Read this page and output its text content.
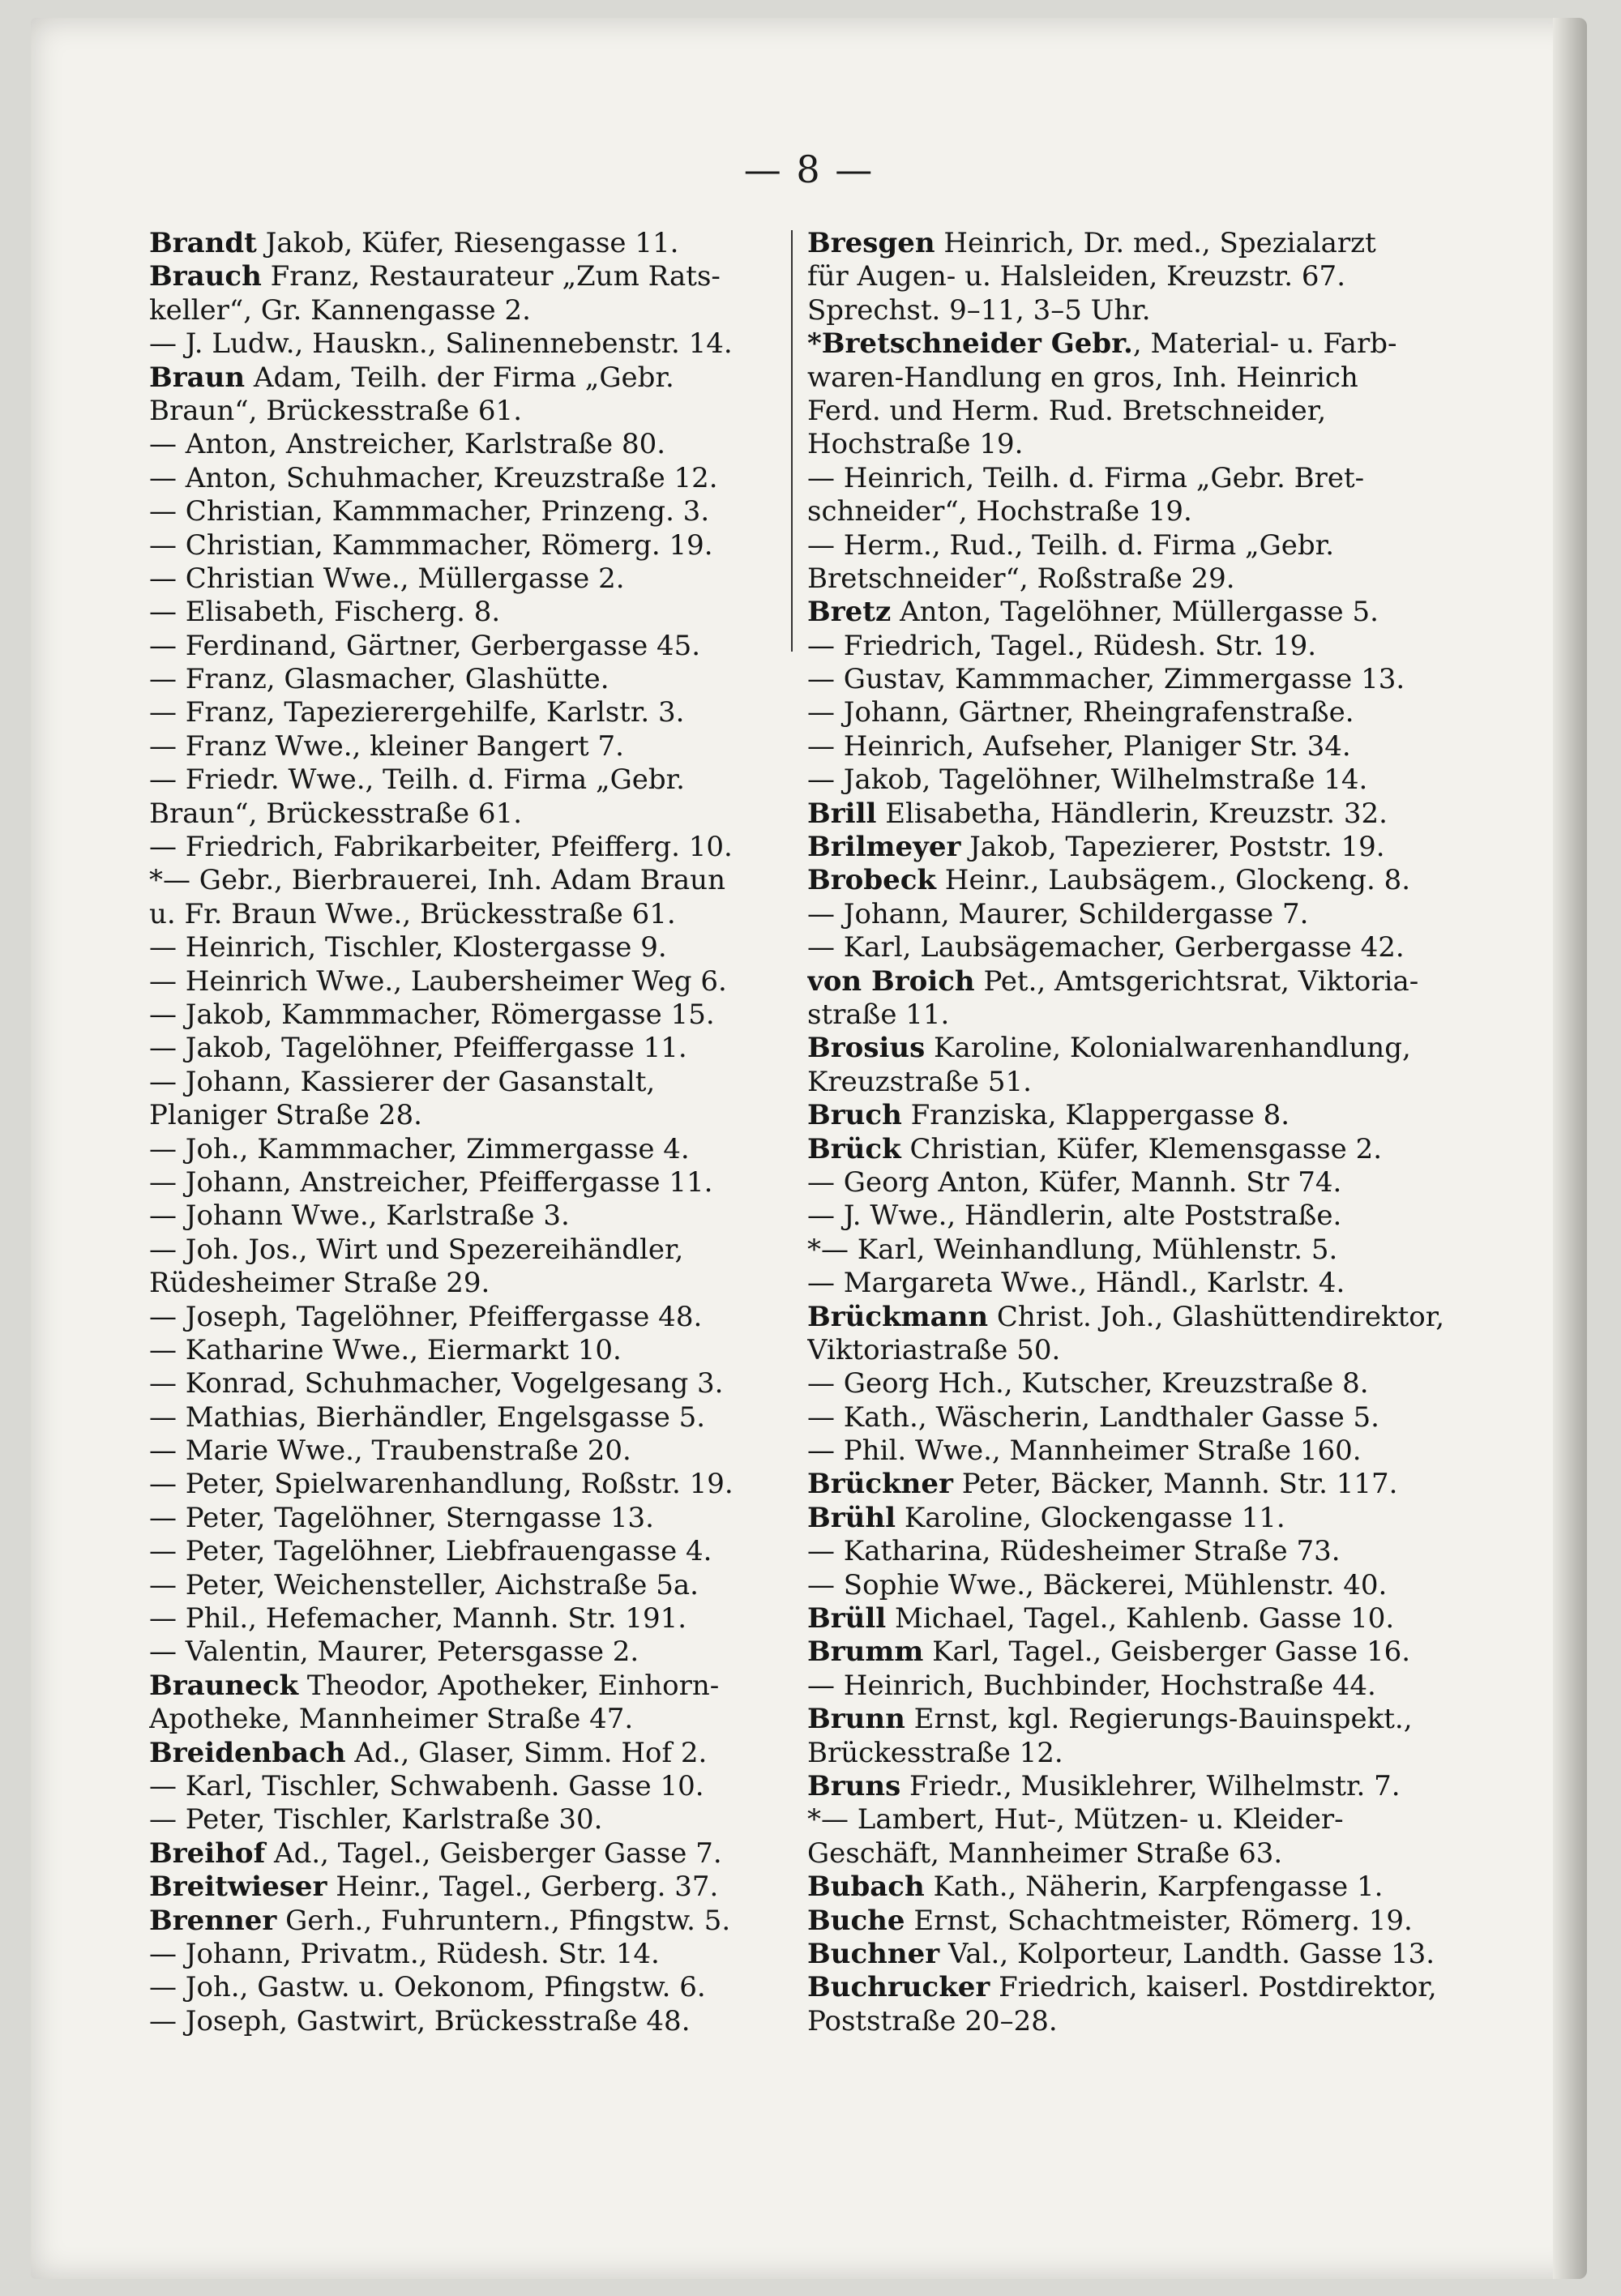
— 8 —
Brandt Jakob, Küfer, Riesengasse 11.
Brauch Franz, Restaurateur „Zum Rats-
keller“, Gr. Kannengasse 2.
— J. Ludw., Hauskn., Salinennebenstr. 14.
Braun Adam, Teilh. der Firma „Gebr.
Braun“, Brückesstraße 61.
— Anton, Anstreicher, Karlstraße 80.
— Anton, Schuhmacher, Kreuzstraße 12.
— Christian, Kammmacher, Prinzeng. 3.
— Christian, Kammmacher, Römerg. 19.
— Christian Wwe., Müllergasse 2.
— Elisabeth, Fischerg. 8.
— Ferdinand, Gärtner, Gerbergasse 45.
— Franz, Glasmacher, Glashütte.
— Franz, Tapezierergehilfe, Karlstr. 3.
— Franz Wwe., kleiner Bangert 7.
— Friedr. Wwe., Teilh. d. Firma „Gebr.
Braun“, Brückesstraße 61.
— Friedrich, Fabrikarbeiter, Pfeifferg. 10.
*— Gebr., Bierbrauerei, Inh. Adam Braun
u. Fr. Braun Wwe., Brückesstraße 61.
— Heinrich, Tischler, Klostergasse 9.
— Heinrich Wwe., Laubersheimer Weg 6.
— Jakob, Kammmacher, Römergasse 15.
— Jakob, Tagelöhner, Pfeiffergasse 11.
— Johann, Kassierer der Gasanstalt,
Planiger Straße 28.
— Joh., Kammmacher, Zimmergasse 4.
— Johann, Anstreicher, Pfeiffergasse 11.
— Johann Wwe., Karlstraße 3.
— Joh. Jos., Wirt und Spezereihändler,
Rüdesheimer Straße 29.
— Joseph, Tagelöhner, Pfeiffergasse 48.
— Katharine Wwe., Eiermarkt 10.
— Konrad, Schuhmacher, Vogelgesang 3.
— Mathias, Bierhändler, Engelsgasse 5.
— Marie Wwe., Traubenstraße 20.
— Peter, Spielwarenhandlung, Roßstr. 19.
— Peter, Tagelöhner, Sterngasse 13.
— Peter, Tagelöhner, Liebfrauengasse 4.
— Peter, Weichensteller, Aichstraße 5a.
— Phil., Hefemacher, Mannh. Str. 191.
— Valentin, Maurer, Petersgasse 2.
Brauneck Theodor, Apotheker, Einhorn-
Apotheke, Mannheimer Straße 47.
Breidenbach Ad., Glaser, Simm. Hof 2.
— Karl, Tischler, Schwabenh. Gasse 10.
— Peter, Tischler, Karlstraße 30.
Breihof Ad., Tagel., Geisberger Gasse 7.
Breitwieser Heinr., Tagel., Gerberg. 37.
Brenner Gerh., Fuhruntern., Pfingstw. 5.
— Johann, Privatm., Rüdesh. Str. 14.
— Joh., Gastw. u. Oekonom, Pfingstw. 6.
— Joseph, Gastwirt, Brückesstraße 48.
Bresgen Heinrich, Dr. med., Spezialarzt
für Augen- u. Halsleiden, Kreuzstr. 67.
Sprechst. 9–11, 3–5 Uhr.
*Bretschneider Gebr., Material- u. Farb-
waren-Handlung en gros, Inh. Heinrich
Ferd. und Herm. Rud. Bretschneider,
Hochstraße 19.
— Heinrich, Teilh. d. Firma „Gebr. Bret-
schneider“, Hochstraße 19.
— Herm., Rud., Teilh. d. Firma „Gebr.
Bretschneider“, Roßstraße 29.
Bretz Anton, Tagelöhner, Müllergasse 5.
— Friedrich, Tagel., Rüdesh. Str. 19.
— Gustav, Kammmacher, Zimmergasse 13.
— Johann, Gärtner, Rheingrafenstraße.
— Heinrich, Aufseher, Planiger Str. 34.
— Jakob, Tagelöhner, Wilhelmstraße 14.
Brill Elisabetha, Händlerin, Kreuzstr. 32.
Brilmeyer Jakob, Tapezierer, Poststr. 19.
Brobeck Heinr., Laubsägem., Glockeng. 8.
— Johann, Maurer, Schildergasse 7.
— Karl, Laubsägemacher, Gerbergasse 42.
von Broich Pet., Amtsgerichtsrat, Viktoria-
straße 11.
Brosius Karoline, Kolonialwarenhandlung,
Kreuzstraße 51.
Bruch Franziska, Klappergasse 8.
Brück Christian, Küfer, Klemensgasse 2.
— Georg Anton, Küfer, Mannh. Str 74.
— J. Wwe., Händlerin, alte Poststraße.
*— Karl, Weinhandlung, Mühlenstr. 5.
— Margareta Wwe., Händl., Karlstr. 4.
Brückmann Christ. Joh., Glashüttendirektor,
Viktoriastraße 50.
— Georg Hch., Kutscher, Kreuzstraße 8.
— Kath., Wäscherin, Landthaler Gasse 5.
— Phil. Wwe., Mannheimer Straße 160.
Brückner Peter, Bäcker, Mannh. Str. 117.
Brühl Karoline, Glockengasse 11.
— Katharina, Rüdesheimer Straße 73.
— Sophie Wwe., Bäckerei, Mühlenstr. 40.
Brüll Michael, Tagel., Kahlenb. Gasse 10.
Brumm Karl, Tagel., Geisberger Gasse 16.
— Heinrich, Buchbinder, Hochstraße 44.
Brunn Ernst, kgl. Regierungs-Bauinspekt.,
Brückesstraße 12.
Bruns Friedr., Musiklehrer, Wilhelmstr. 7.
*— Lambert, Hut-, Mützen- u. Kleider-
Geschäft, Mannheimer Straße 63.
Bubach Kath., Näherin, Karpfengasse 1.
Buche Ernst, Schachtmeister, Römerg. 19.
Buchner Val., Kolporteur, Landth. Gasse 13.
Buchrucker Friedrich, kaiserl. Postdirektor,
Poststraße 20–28.
